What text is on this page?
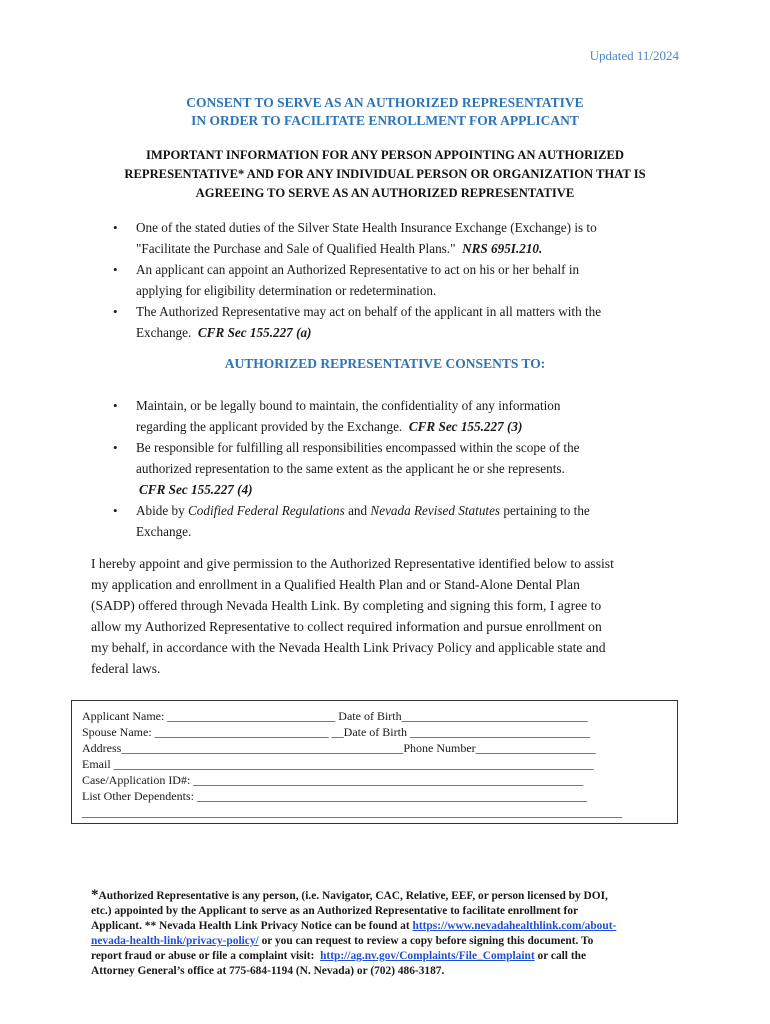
Updated 11/2024
CONSENT TO SERVE AS AN AUTHORIZED REPRESENTATIVE
IN ORDER TO FACILITATE ENROLLMENT FOR APPLICANT
IMPORTANT INFORMATION FOR ANY PERSON APPOINTING AN AUTHORIZED
REPRESENTATIVE* AND FOR ANY INDIVIDUAL PERSON OR ORGANIZATION THAT IS
AGREEING TO SERVE AS AN AUTHORIZED REPRESENTATIVE
• One of the stated duties of the Silver State Health Insurance Exchange (Exchange) is to
"Facilitate the Purchase and Sale of Qualified Health Plans." NRS 695I.210.
• An applicant can appoint an Authorized Representative to act on his or her behalf in
applying for eligibility determination or redetermination.
• The Authorized Representative may act on behalf of the applicant in all matters with the
Exchange. CFR Sec 155.227 (a)
AUTHORIZED REPRESENTATIVE CONSENTS TO:
• Maintain, or be legally bound to maintain, the confidentiality of any information
regarding the applicant provided by the Exchange. CFR Sec 155.227 (3)
• Be responsible for fulfilling all responsibilities encompassed within the scope of the
authorized representation to the same extent as the applicant he or she represents.
CFR Sec 155.227 (4)
• Abide by Codified Federal Regulations and Nevada Revised Statutes pertaining to the
Exchange.
I hereby appoint and give permission to the Authorized Representative identified below to assist
my application and enrollment in a Qualified Health Plan and or Stand-Alone Dental Plan
(SADP) offered through Nevada Health Link. By completing and signing this form, I agree to
allow my Authorized Representative to collect required information and pursue enrollment on
my behalf, in accordance with the Nevada Health Link Privacy Policy and applicable state and
federal laws.
Applicant Name: ____________________________ Date of Birth_______________________________
Spouse Name: _____________________________ __Date of Birth ______________________________
Address_______________________________________________Phone Number____________________
Email ________________________________________________________________________________
Case/Application ID#: _________________________________________________________________
List Other Dependents: _________________________________________________________________
__________________________________________________________________________________________
*Authorized Representative is any person, (i.e. Navigator, CAC, Relative, EEF, or person licensed by DOI,
etc.) appointed by the Applicant to serve as an Authorized Representative to facilitate enrollment for
Applicant. ** Nevada Health Link Privacy Notice can be found at https://www.nevadahealthlink.com/about-
nevada-health-link/privacy-policy/ or you can request to review a copy before signing this document. To
report fraud or abuse or file a complaint visit: http://ag.nv.gov/Complaints/File_Complaint or call the
Attorney General’s office at 775-684-1194 (N. Nevada) or (702) 486-3187.
